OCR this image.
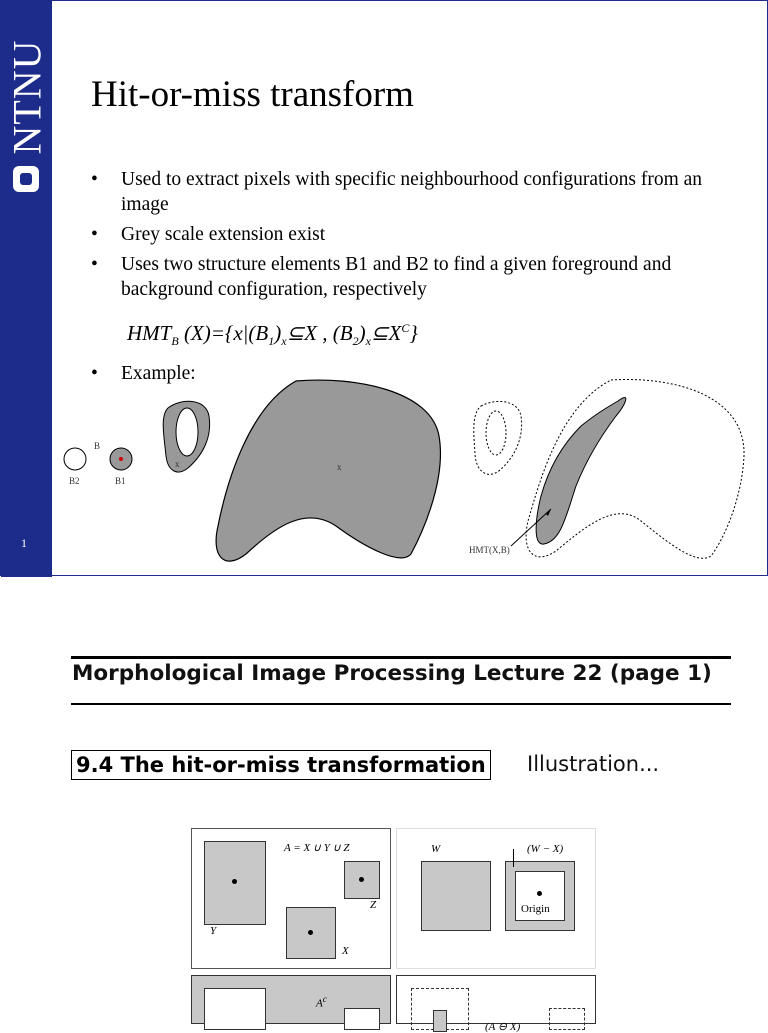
NTNU
1
Hit-or-miss transform
• Used to extract pixels with specific neighbourhood configurations from an image
• Grey scale extension exist
• Uses two structure elements B1 and B2 to find a given foreground and background configuration, respectively
$HMT_B$ $(X)=\{x|(B_1)_x⊆X$ , $(B_2)_x⊆X^C$}
• Example:
B
B2	B1
x	x
HMT(X,B)
Morphological Image Processing Lecture 22 (page 1)
9.4 The hit-or-miss transformation Illustration...
A = X ∪ Y ∪ Z
Y
Z
X
W	(W − X)
Origin
$A^c$
(A ⊖ X)
